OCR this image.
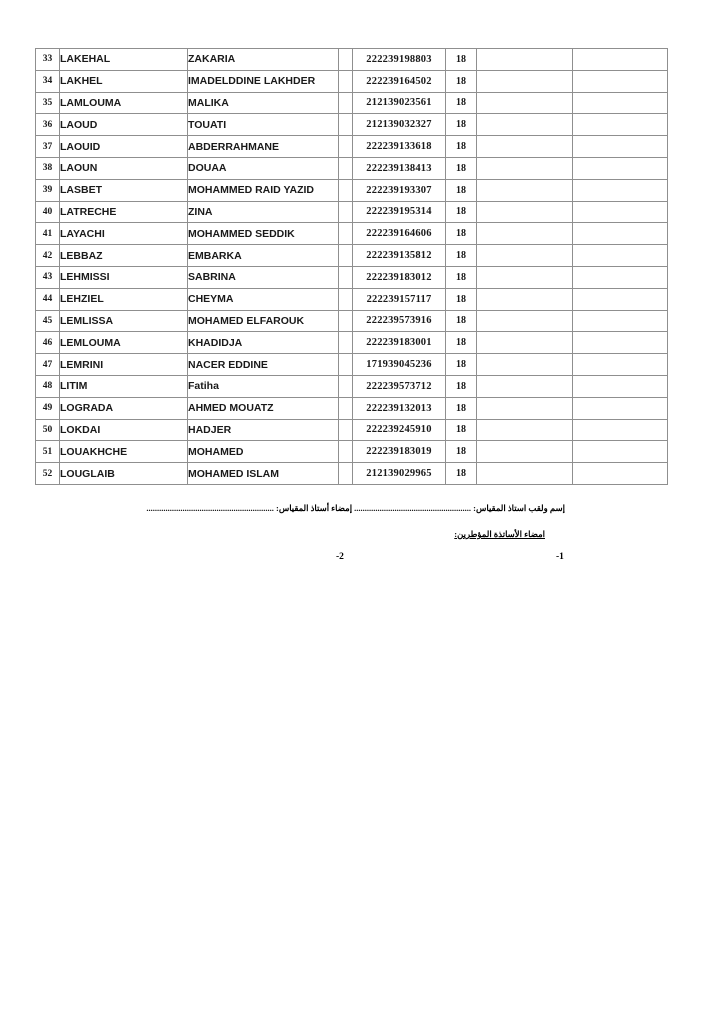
33	LAKEHAL	ZAKARIA		222239198803	18		
34	LAKHEL	IMADELDDINE LAKHDER		222239164502	18		
35	LAMLOUMA	MALIKA		212139023561	18		
36	LAOUD	TOUATI		212139032327	18		
37	LAOUID	ABDERRAHMANE		222239133618	18		
38	LAOUN	DOUAA		222239138413	18		
39	LASBET	MOHAMMED RAID YAZID		222239193307	18		
40	LATRECHE	ZINA		222239195314	18		
41	LAYACHI	MOHAMMED SEDDIK		222239164606	18		
42	LEBBAZ	EMBARKA		222239135812	18		
43	LEHMISSI	SABRINA		222239183012	18		
44	LEHZIEL	CHEYMA		222239157117	18		
45	LEMLISSA	MOHAMED ELFAROUK		222239573916	18		
46	LEMLOUMA	KHADIDJA		222239183001	18		
47	LEMRINI	NACER EDDINE		171939045236	18		
48	LITIM	Fatiha		222239573712	18		
49	LOGRADA	AHMED MOUATZ		222239132013	18		
50	LOKDAI	HADJER		222239245910	18		
51	LOUAKHCHE	MOHAMED		222239183019	18		
52	LOUGLAIB	MOHAMED ISLAM		212139029965	18		
إسم ولقب استاذ المقياس: ....................................................... إمضاء أستاذ المقياس: ............................................................
امضاء الأساتذة المؤطرين:
-2	-1
